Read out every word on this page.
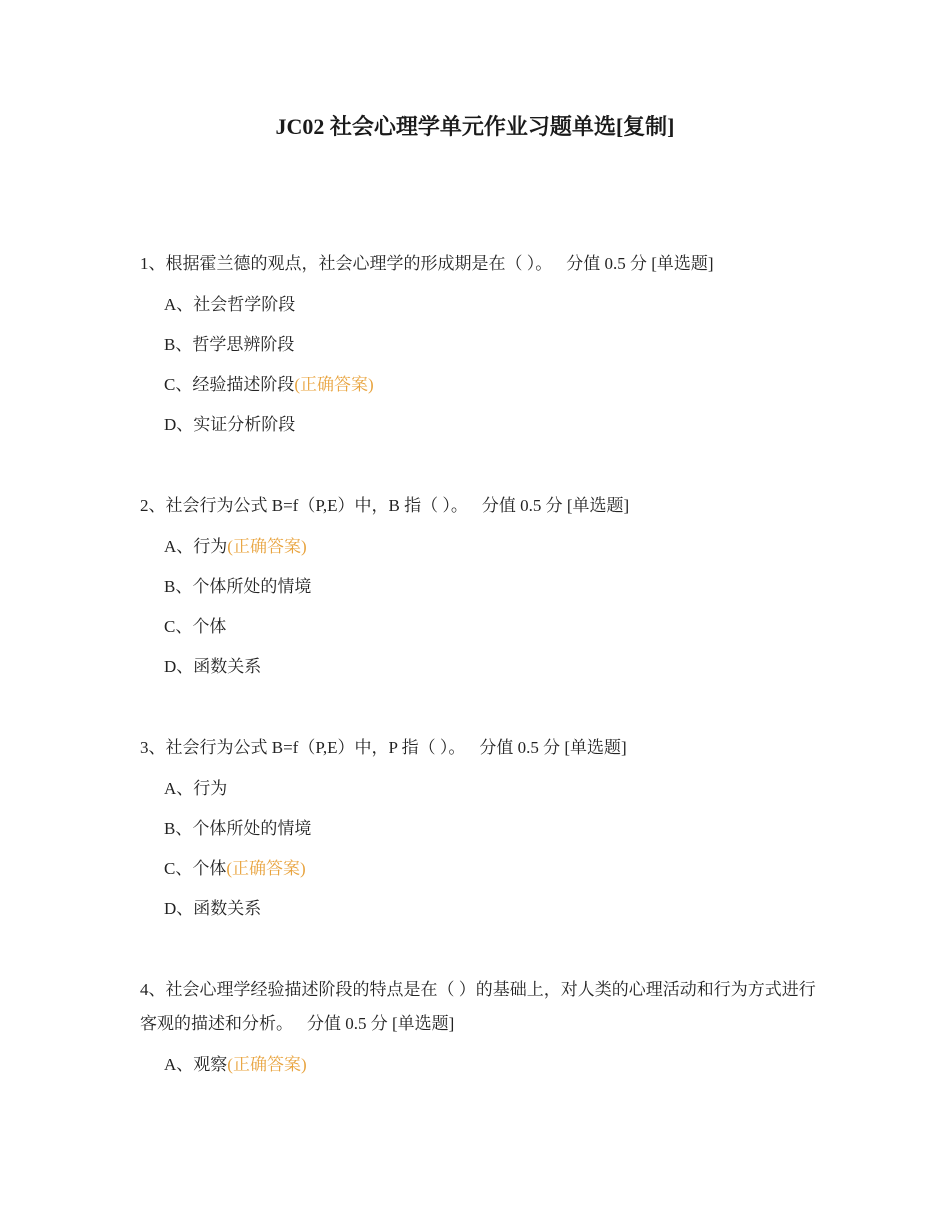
JC02 社会心理学单元作业习题单选[复制]

1、根据霍兰德的观点，社会心理学的形成期是在（ ）。 分值 0.5 分 [单选题]

A、社会哲学阶段
B、哲学思辨阶段
C、经验描述阶段(正确答案)
D、实证分析阶段

2、社会行为公式 B=f（P,E）中，B 指（ ）。 分值 0.5 分 [单选题]

A、行为(正确答案)
B、个体所处的情境
C、个体
D、函数关系

3、社会行为公式 B=f（P,E）中，P 指（ ）。 分值 0.5 分 [单选题]

A、行为
B、个体所处的情境
C、个体(正确答案)
D、函数关系

4、社会心理学经验描述阶段的特点是在（ ）的基础上，对人类的心理活动和行为方式进行客观的描述和分析。 分值 0.5 分 [单选题]

A、观察(正确答案)
